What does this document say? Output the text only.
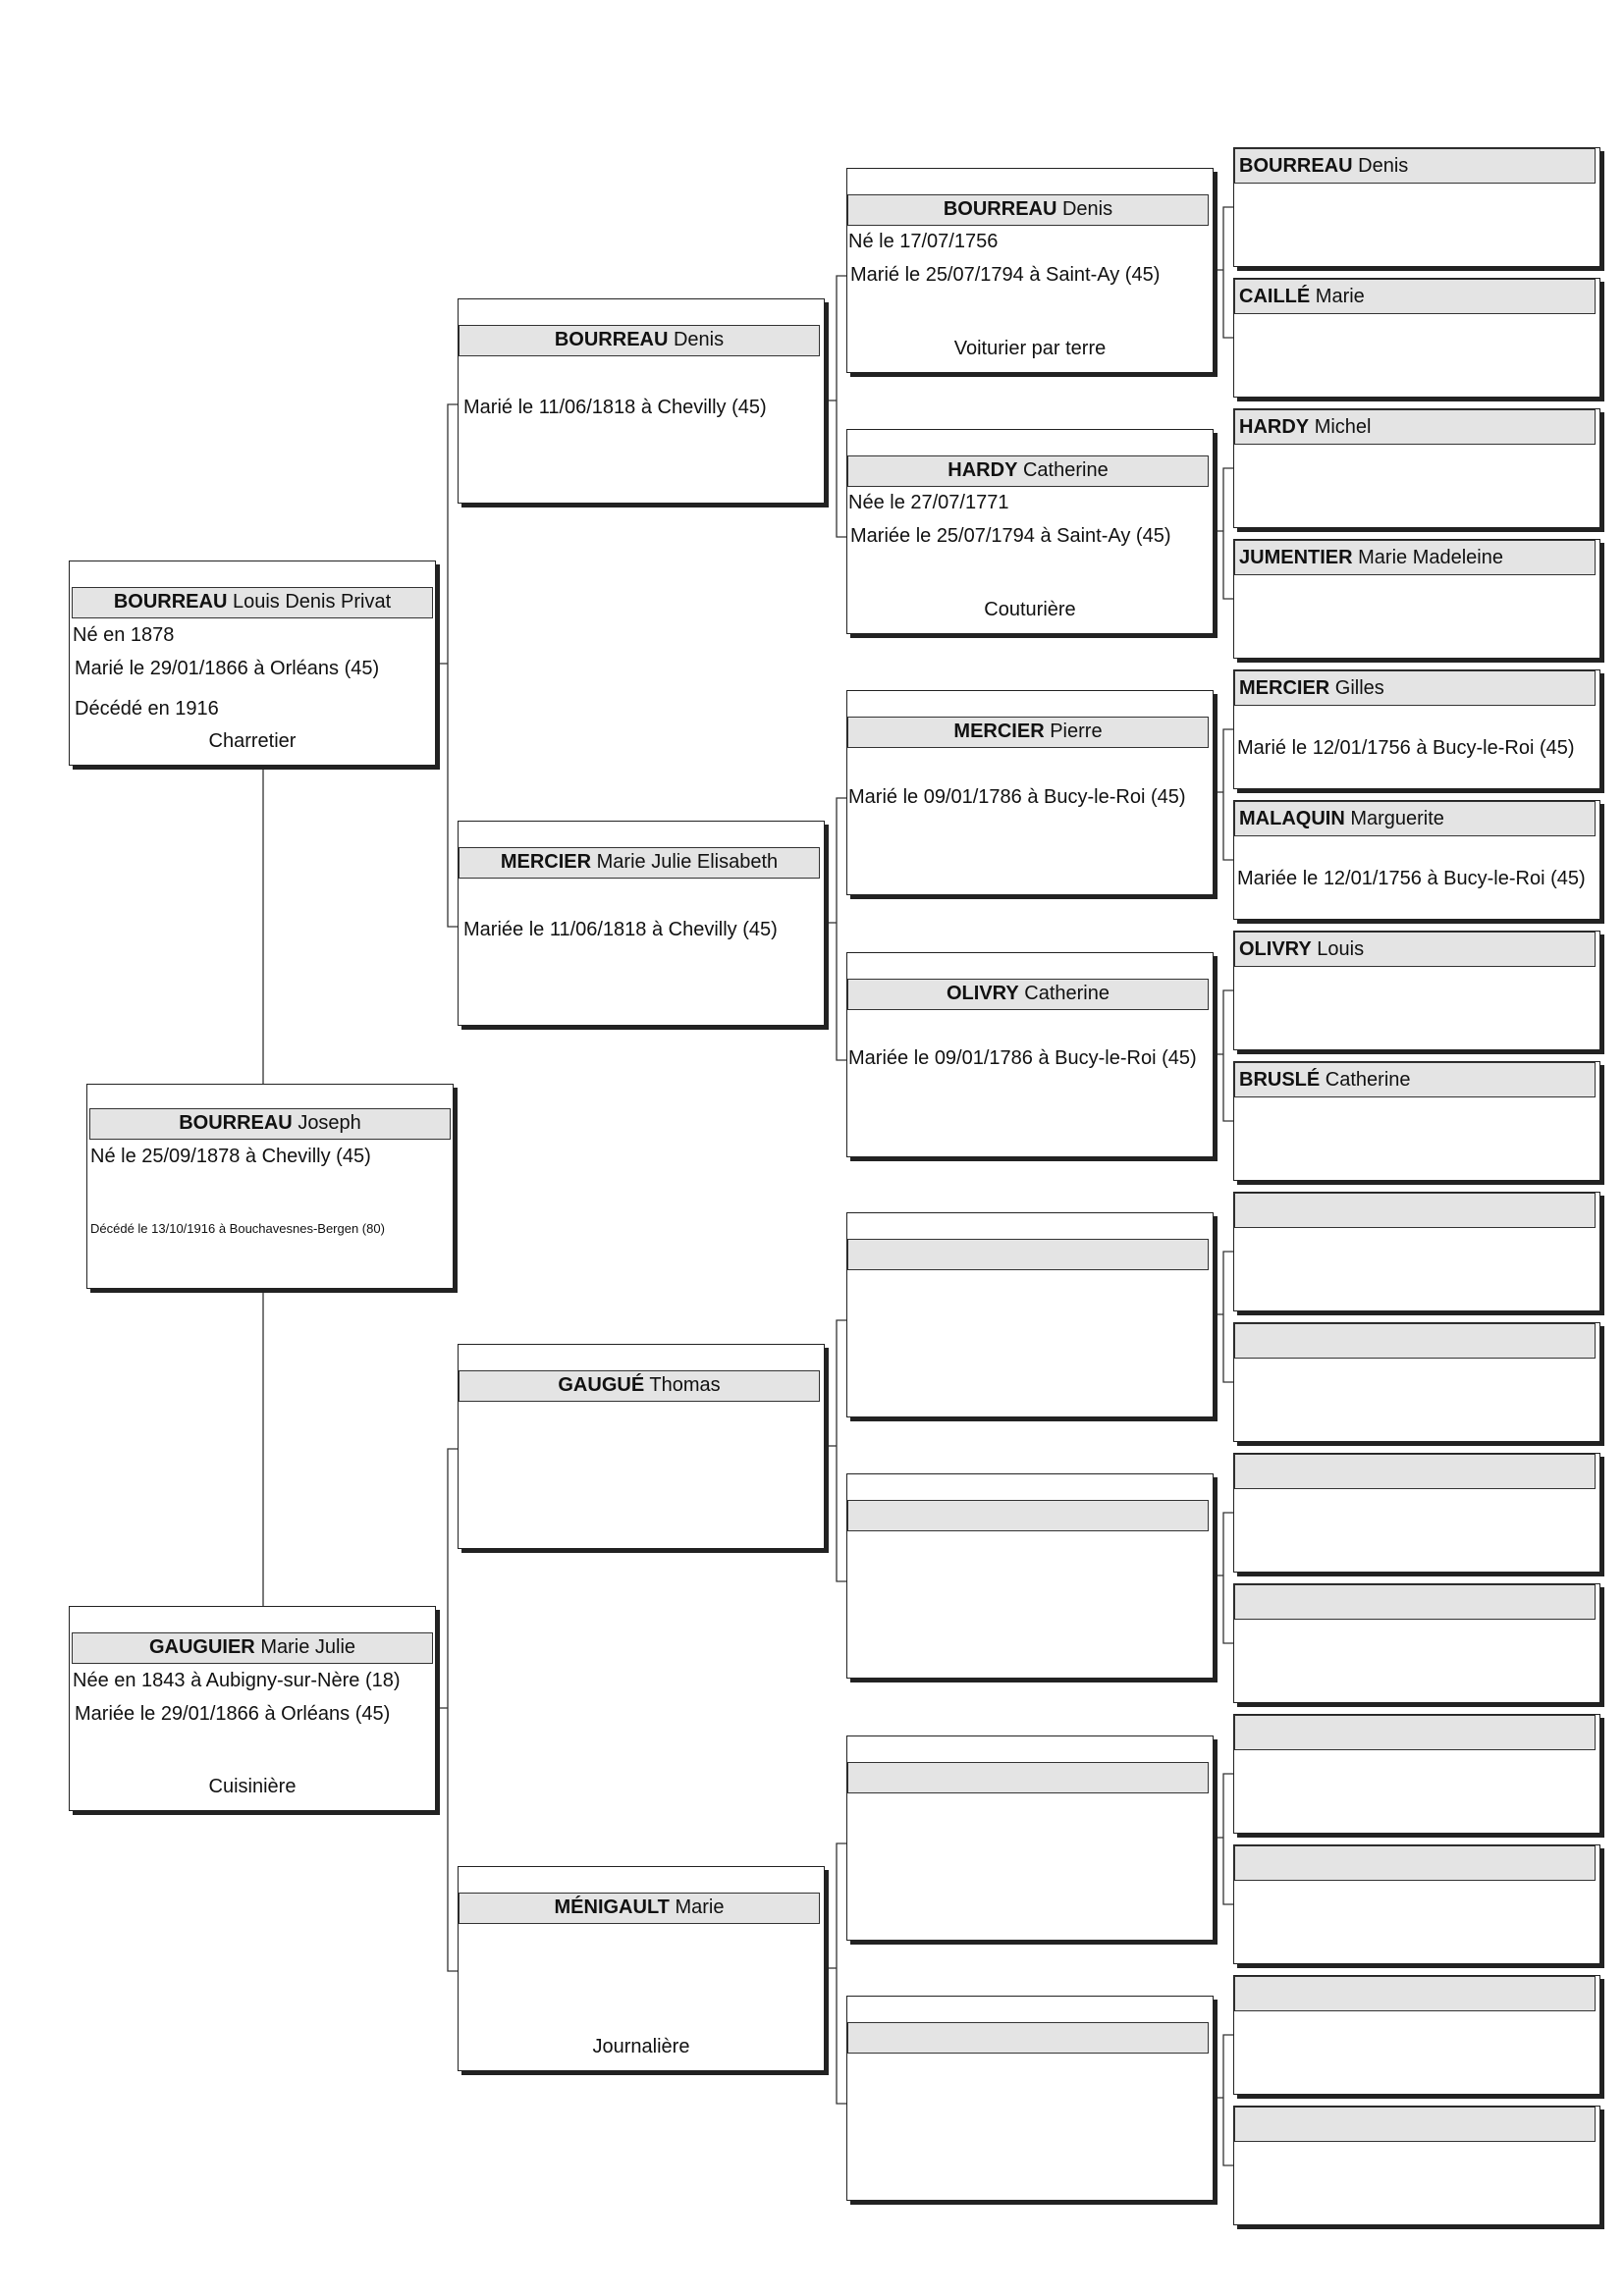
BOURREAU Louis Denis Privat
Né en 1878
Marié le 29/01/1866 à Orléans (45)
Décédé en 1916
Charretier
BOURREAU Joseph
Né le 25/09/1878 à Chevilly (45)
Décédé le 13/10/1916 à Bouchavesnes-Bergen (80)
GAUGUIER Marie Julie
Née en 1843 à Aubigny-sur-Nère (18)
Mariée le 29/01/1866 à Orléans (45)
Cuisinière
BOURREAU Denis
Marié le 11/06/1818 à Chevilly (45)
MERCIER Marie Julie Elisabeth
Mariée le 11/06/1818 à Chevilly (45)
GAUGUÉ Thomas
MÉNIGAULT Marie
Journalière
BOURREAU Denis
Né le 17/07/1756
Marié le 25/07/1794 à Saint-Ay (45)
Voiturier par terre
HARDY Catherine
Née le 27/07/1771
Mariée le 25/07/1794 à Saint-Ay (45)
Couturière
MERCIER Pierre
Marié le 09/01/1786 à Bucy-le-Roi (45)
OLIVRY Catherine
Mariée le 09/01/1786 à Bucy-le-Roi (45)
BOURREAU Denis
CAILLÉ Marie
HARDY Michel
JUMENTIER Marie Madeleine
MERCIER Gilles
Marié le 12/01/1756 à Bucy-le-Roi (45)
MALAQUIN Marguerite
Mariée le 12/01/1756 à Bucy-le-Roi (45)
OLIVRY Louis
BRUSLÉ Catherine
